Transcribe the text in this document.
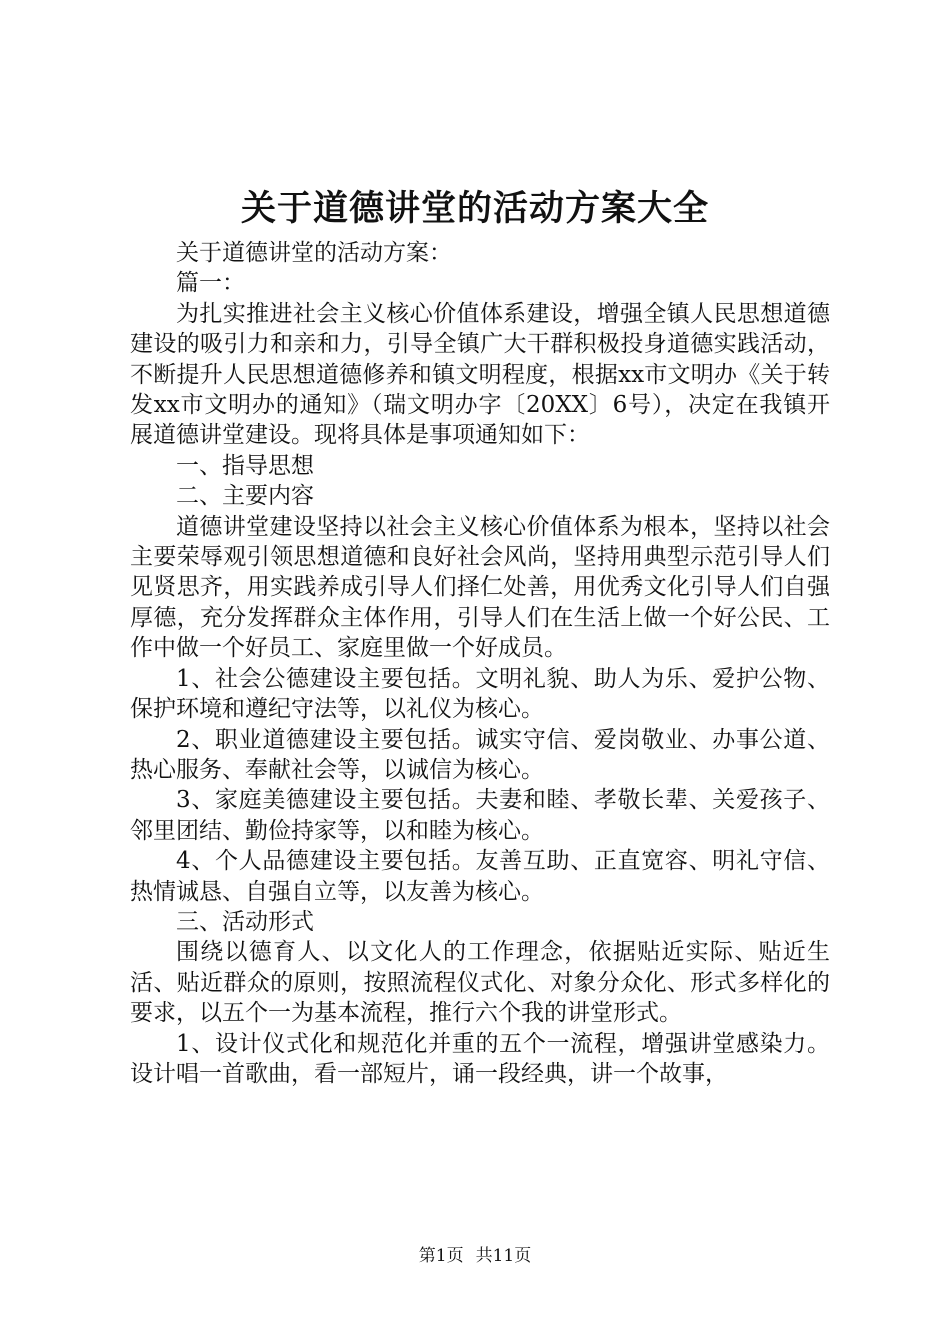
关于道德讲堂的活动方案大全

关于道德讲堂的活动方案：

篇一：

为扎实推进社会主义核心价值体系建设，增强全镇人民思想道德建设的吸引力和亲和力，引导全镇广大干群积极投身道德实践活动，不断提升人民思想道德修养和镇文明程度，根据xx市文明办《关于转发xx市文明办的通知》（瑞文明办字〔20XX〕6号），决定在我镇开展道德讲堂建设。现将具体是事项通知如下：

一、指导思想

二、主要内容

道德讲堂建设坚持以社会主义核心价值体系为根本，坚持以社会主要荣辱观引领思想道德和良好社会风尚，坚持用典型示范引导人们见贤思齐，用实践养成引导人们择仁处善，用优秀文化引导人们自强厚德，充分发挥群众主体作用，引导人们在生活上做一个好公民、工作中做一个好员工、家庭里做一个好成员。

1、社会公德建设主要包括。文明礼貌、助人为乐、爱护公物、保护环境和遵纪守法等，以礼仪为核心。

2、职业道德建设主要包括。诚实守信、爱岗敬业、办事公道、热心服务、奉献社会等，以诚信为核心。

3、家庭美德建设主要包括。夫妻和睦、孝敬长辈、关爱孩子、邻里团结、勤俭持家等，以和睦为核心。

4、个人品德建设主要包括。友善互助、正直宽容、明礼守信、热情诚恳、自强自立等，以友善为核心。

三、活动形式

围绕以德育人、以文化人的工作理念，依据贴近实际、贴近生活、贴近群众的原则，按照流程仪式化、对象分众化、形式多样化的要求，以五个一为基本流程，推行六个我的讲堂形式。

1、设计仪式化和规范化并重的五个一流程，增强讲堂感染力。设计唱一首歌曲，看一部短片，诵一段经典，讲一个故事，

第1页 共11页
